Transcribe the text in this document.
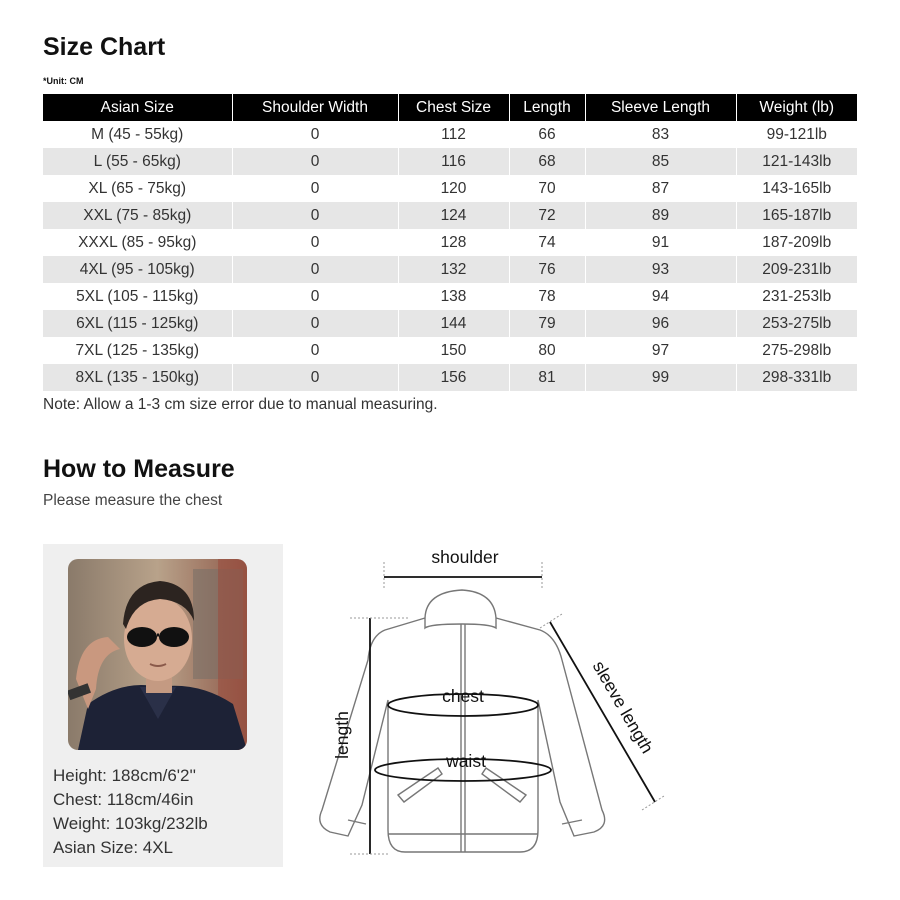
Size Chart
*Unit: CM
Asian Size	Shoulder Width	Chest Size	Length	Sleeve Length	Weight (lb)
M (45 - 55kg)	0	112	66	83	99-121lb
L (55 - 65kg)	0	116	68	85	121-143lb
XL (65 - 75kg)	0	120	70	87	143-165lb
XXL (75 - 85kg)	0	124	72	89	165-187lb
XXXL (85 - 95kg)	0	128	74	91	187-209lb
4XL (95 - 105kg)	0	132	76	93	209-231lb
5XL (105 - 115kg)	0	138	78	94	231-253lb
6XL (115 - 125kg)	0	144	79	96	253-275lb
7XL (125 - 135kg)	0	150	80	97	275-298lb
8XL (135 - 150kg)	0	156	81	99	298-331lb
Note: Allow a 1-3 cm size error due to manual measuring.
How to Measure
Please measure the chest
Height: 188cm/6'2''
Chest: 118cm/46in
Weight: 103kg/232lb
Asian Size: 4XL
shoulder
chest
waist
length	sleeve length
